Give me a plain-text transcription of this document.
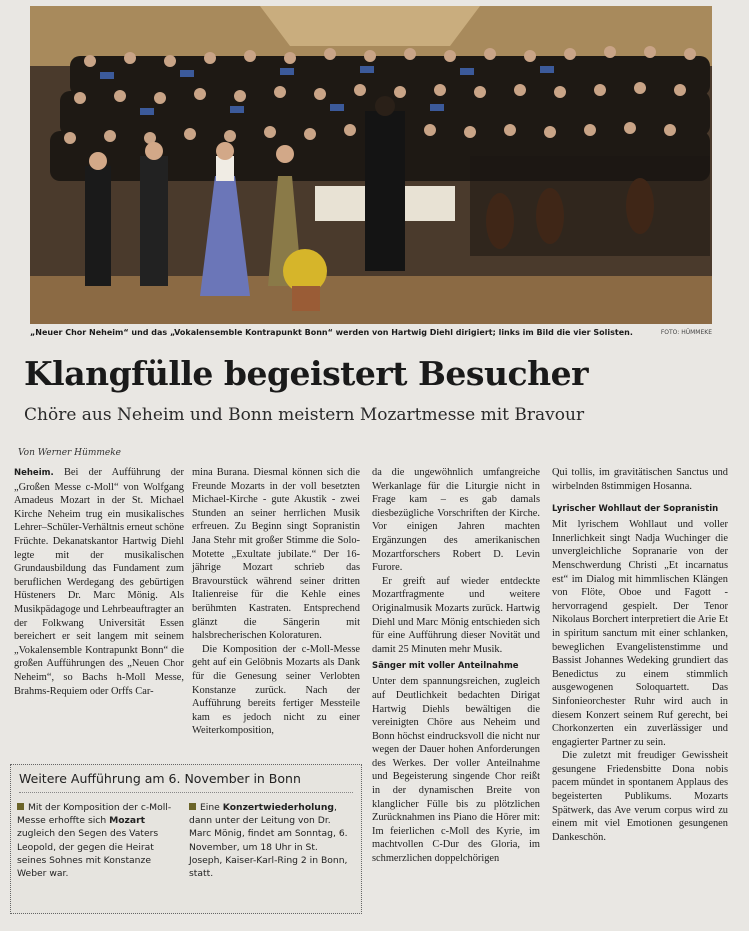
„Neuer Chor Neheim“ und das „Vokalensemble Kontrapunkt Bonn“ werden von Hartwig Diehl dirigiert; links im Bild die vier Solisten.	FOTO: HÜMMEKE
Klangfülle begeistert Besucher
Chöre aus Neheim und Bonn meistern Mozartmesse mit Bravour
Von Werner Hümmeke

Neheim. Bei der Aufführung der „Großen Messe c-Moll“ von Wolfgang Amadeus Mozart in der St. Michael Kirche Neheim trug ein musikalisches Lehrer–Schüler-Verhältnis erneut schöne Früchte. Dekanatskantor Hartwig Diehl legte mit der musikalischen Grundausbildung das Fundament zum beruflichen Werdegang des gebürtigen Hüsteners Dr. Marc Mönig. Als Musikpädagoge und Lehrbeauftragter an der Folkwang Universität Essen bereichert er seit langem mit seinem „Vokalensemble Kontrapunkt Bonn“ die großen Aufführungen des „Neuen Chor Neheim“, so Bachs h-Moll Messe, Brahms-Requiem oder Orffs Car-

mina Burana. Diesmal können sich die Freunde Mozarts in der voll besetzten Michael-Kirche - gute Akustik - zwei Stunden an seiner herrlichen Musik erfreuen. Zu Beginn singt Sopranistin Jana Stehr mit großer Stimme die Solo-Motette „Exultate jubilate.“ Der 16-jährige Mozart schrieb das Bravourstück während seiner dritten Italienreise für die Kehle eines berühmten Kastraten. Entsprechend glänzt die Sängerin mit halsbrecherischen Koloraturen.

Die Komposition der c-Moll-Messe geht auf ein Gelöbnis Mozarts als Dank für die Genesung seiner Verlobten Konstanze zurück. Nach der Aufführung bereits fertiger Messteile kam es jedoch nicht zu einer Weiterkomposition,

da die ungewöhnlich umfangreiche Werkanlage für die Liturgie nicht in Frage kam – es gab damals diesbezügliche Vorschriften der Kirche. Vor einigen Jahren machten Ergänzungen des amerikanischen Mozartforschers Robert D. Levin Furore.

Er greift auf wieder entdeckte Mozartfragmente und weitere Originalmusik Mozarts zurück. Hartwig Diehl und Marc Mönig entschieden sich für eine Aufführung dieser Novität und damit 25 Minuten mehr Musik.

Sänger mit voller Anteilnahme

Unter dem spannungsreichen, zugleich auf Deutlichkeit bedachten Dirigat Hartwig Diehls bewältigen die vereinigten Chöre aus Neheim und Bonn höchst eindrucksvoll die nicht nur wegen der Dauer hohen Anforderungen des Werkes. Der voller Anteilnahme und Begeisterung singende Chor reißt in der dynamischen Breite von klanglicher Fülle bis zu plötzlichen Zurücknahmen ins Piano die Hörer mit: Im feierlichen c-Moll des Kyrie, im machtvollen C-Dur des Gloria, im schmerzlichen doppelchörigen

Qui tollis, im gravitätischen Sanctus und wirbelnden 8stimmigen Hosanna.

Lyrischer Wohllaut der Sopranistin

Mit lyrischem Wohllaut und voller Innerlichkeit singt Nadja Wuchinger die unvergleichliche Sopranarie von der Menschwerdung Christi „Et incarnatus est“ im Dialog mit himmlischen Klängen von Flöte, Oboe und Fagott - hervorragend gespielt. Der Tenor Nikolaus Borchert interpretiert die Arie Et in spiritum sanctum mit einer schlanken, beweglichen Evangelistenstimme und Bassist Johannes Wedeking grundiert das Benedictus zu einem stimmlich ausgewogenen Soloquartett. Das Sinfonieorchester Ruhr wird auch in diesem Konzert seinem Ruf gerecht, bei Chorkonzerten ein zuverlässiger und engagierter Partner zu sein.

Die zuletzt mit freudiger Gewissheit gesungene Friedensbitte Dona nobis pacem mündet in spontanem Applaus des begeisterten Publikums. Mozarts Spätwerk, das Ave verum corpus wird zu einem mit viel Emotionen gesungenen Dankeschön.

Weitere Aufführung am 6. November in Bonn
Mit der Komposition der c-Moll-Messe erhoffte sich Mozart zugleich den Segen des Vaters Leopold, der gegen die Heirat seines Sohnes mit Konstanze Weber war.
Eine Konzertwiederholung, dann unter der Leitung von Dr. Marc Mönig, findet am Sonntag, 6. November, um 18 Uhr in St. Joseph, Kaiser-Karl-Ring 2 in Bonn, statt.
